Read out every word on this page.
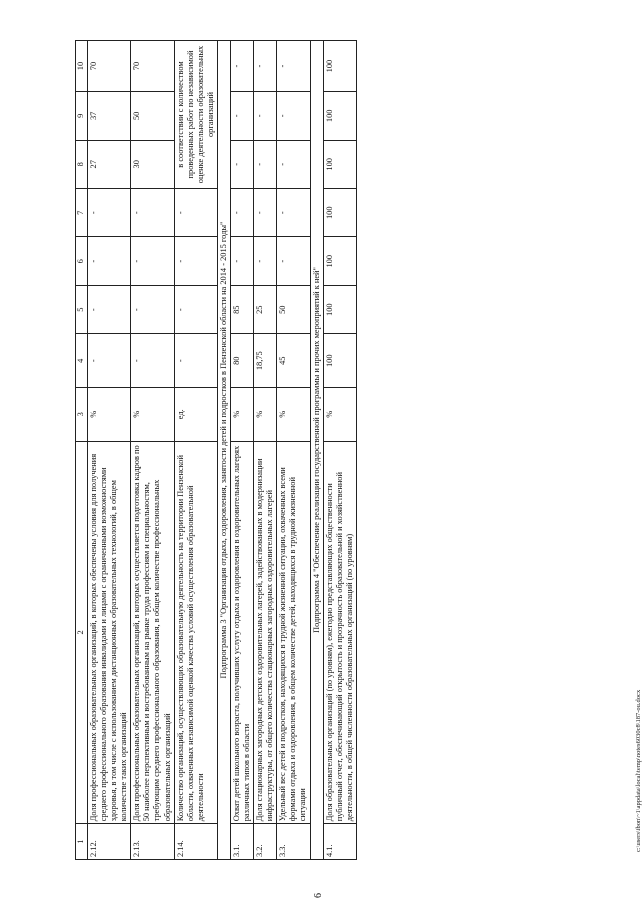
6
1	2	3	4	5	6	7	8	9	10
2.12.	Доля профессиональных образовательных организаций, в которых обеспечены условия для получения среднего профессионального образования инвалидами и лицами с ограниченными возможностями здоровья, в том числе с использованием дистанционных образовательных технологий, в общем количестве таких организаций	%	-	-	-	-	27	37	70
2.13.	Доля профессиональных образовательных организаций, в которых осуществляется подготовка кадров по 50 наиболее перспективным и востребованным на рынке труда профессиям и специальностям, требующим среднего профессионального образования, в общем количестве профессиональных образовательных организаций	%	-	-	-	-	30	50	70
2.14.	Количество организаций, осуществляющих образовательную деятельность на территории Пензенской области, охваченных независимой оценкой качества условий осуществления образовательной деятельности	ед.	-	-	-	-	в соответствии с количеством проведенных работ по независимой оценке деятельности образовательных организаций		
Подпрограмма 3 "Организация отдыха, оздоровления, занятости детей и подростков в Пензенской области на 2014 - 2015 годы"									
3.1.	Охват детей школьного возраста, получивших услугу отдыха и оздоровления в оздоровительных лагерях различных типов в области	%	80	85	-	-	-	-	-
3.2.	Доля стационарных загородных детских оздоровительных лагерей, задействованных в модернизации инфраструктуры, от общего количества стационарных загородных оздоровительных лагерей	%	18,75	25	-	-	-	-	-
3.3.	Удельный вес детей и подростков, находящихся в трудной жизненной ситуации, охваченных всеми формами отдыха и оздоровления, в общем количестве детей, находящихся в трудной жизненной ситуации	%	45	50	-	-	-	-	-
Подпрограмма 4 "Обеспечение реализации государственной программы и прочих мероприятий к ней"									
4.1.	Доля образовательных организаций (по уровням), ежегодно представляющих общественности публичный отчет, обеспечивающий открытость и прозрачность образовательной и хозяйственной деятельности, в общей численности образовательных организаций (по уровням)	%	100	100	100	100	100	100	100
c:\users\ibon\~1\appdata\local\temp\notes6030c8\187-ou.docx
